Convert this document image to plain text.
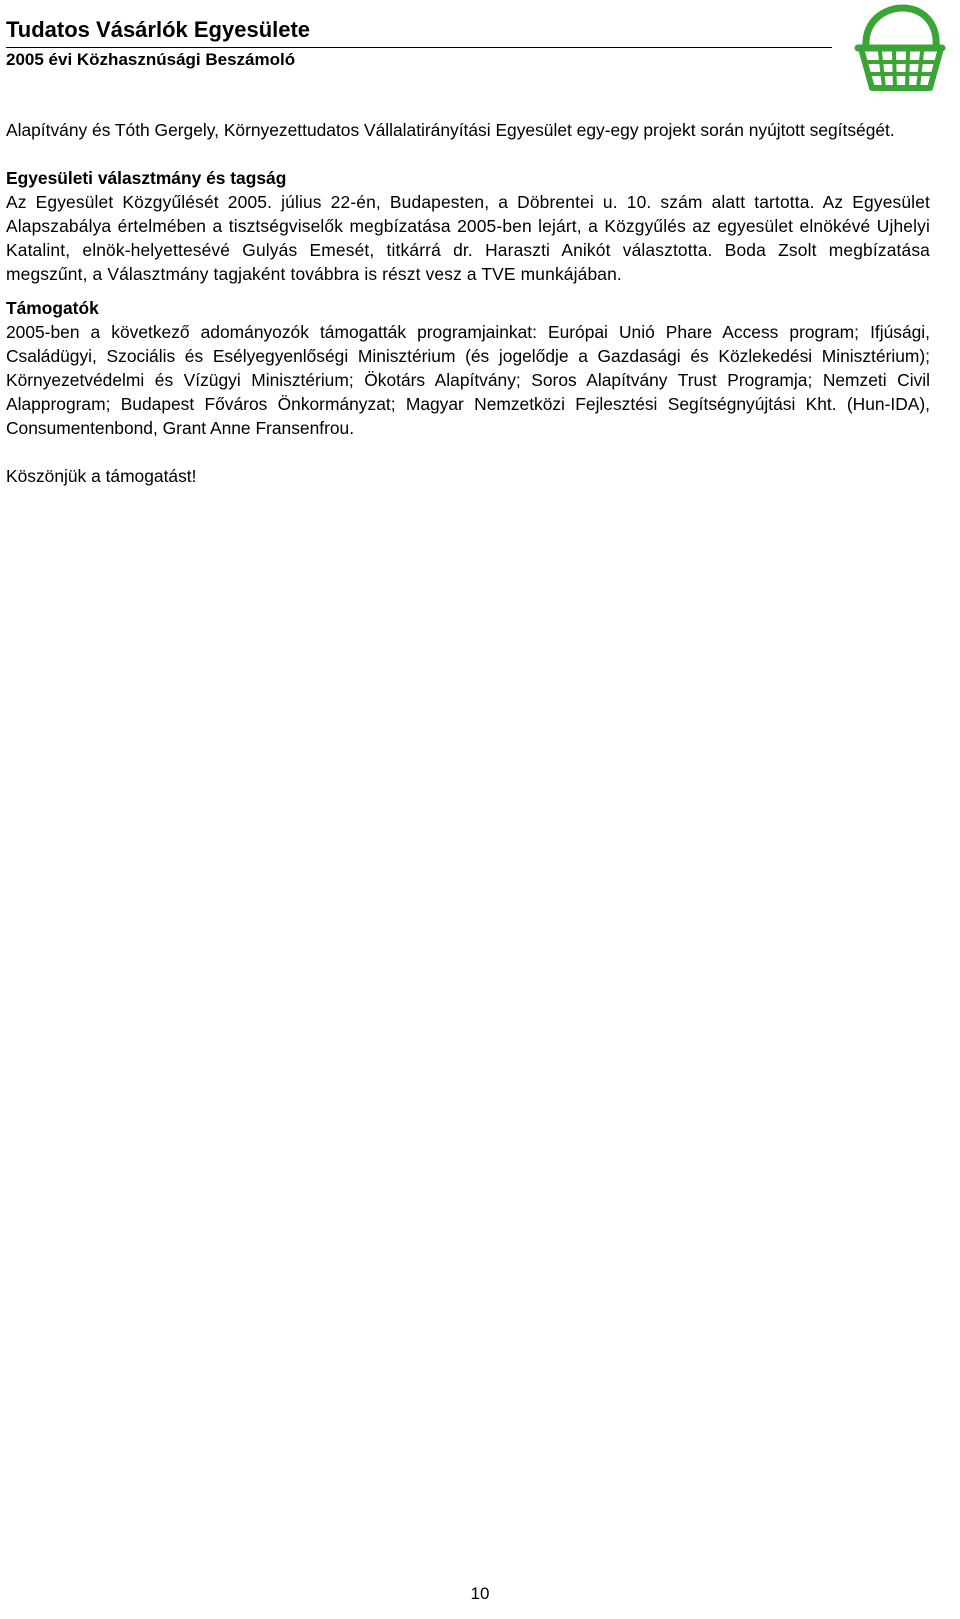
Tudatos Vásárlók Egyesülete
2005 évi Közhasznúsági Beszámoló

Alapítvány és Tóth Gergely, Környezettudatos Vállalatirányítási Egyesület egy-egy projekt során nyújtott segítségét.

Egyesületi választmány és tagság

Az Egyesület Közgyűlését 2005. július 22-én, Budapesten, a Döbrentei u. 10. szám alatt tartotta. Az Egyesület Alapszabálya értelmében a tisztségviselők megbízatása 2005-ben lejárt, a Közgyűlés az egyesület elnökévé Ujhelyi Katalint, elnök-helyettesévé Gulyás Emesét, titkárrá dr. Haraszti Anikót választotta. Boda Zsolt megbízatása megszűnt, a Választmány tagjaként továbbra is részt vesz a TVE munkájában.

Támogatók

2005-ben a következő adományozók támogatták programjainkat: Európai Unió Phare Access program; Ifjúsági, Családügyi, Szociális és Esélyegyenlőségi Minisztérium (és jogelődje a Gazdasági és Közlekedési Minisztérium); Környezetvédelmi és Vízügyi Minisztérium; Ökotárs Alapítvány; Soros Alapítvány Trust Programja; Nemzeti Civil Alapprogram; Budapest Főváros Önkormányzat; Magyar Nemzetközi Fejlesztési Segítségnyújtási Kht. (Hun-IDA), Consumentenbond, Grant Anne Fransenfrou.

Köszönjük a támogatást!

10
